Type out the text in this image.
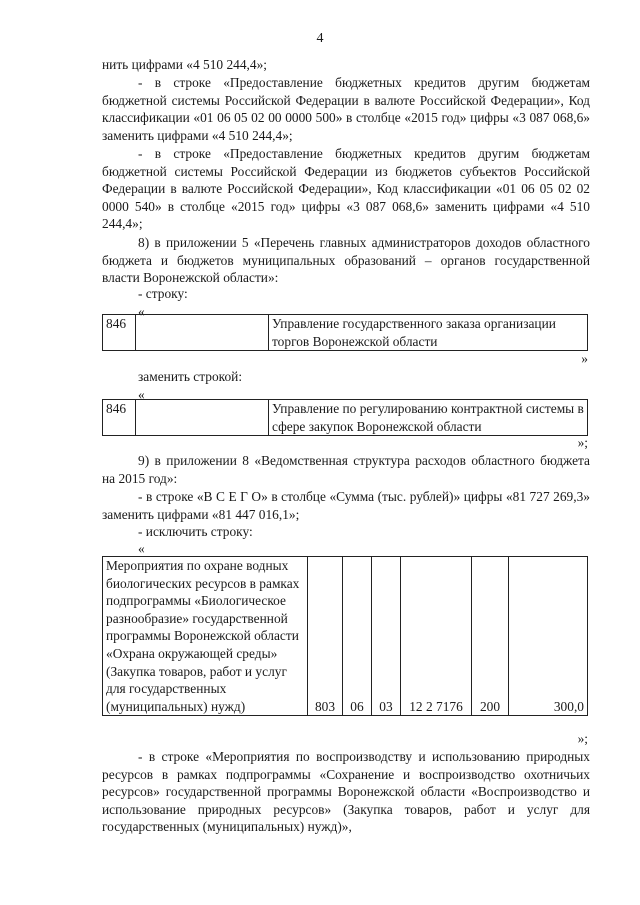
4

нить цифрами «4 510 244,4»;

- в строке «Предоставление бюджетных кредитов другим бюджетам бюджетной системы Российской Федерации в валюте Российской Федерации», Код классификации «01 06 05 02 00 0000 500» в столбце «2015 год» цифры «3 087 068,6» заменить цифрами «4 510 244,4»;

- в строке «Предоставление бюджетных кредитов другим бюджетам бюджетной системы Российской Федерации из бюджетов субъектов Российской Федерации в валюте Российской Федерации», Код классификации «01 06 05 02 02 0000 540» в столбце «2015 год» цифры «3 087 068,6» заменить цифрами «4 510 244,4»;

8) в приложении 5 «Перечень главных администраторов доходов областного бюджета и бюджетов муниципальных образований – органов государственной власти Воронежской области»:

- строку:

«
846		Управление государственного заказа организации торгов Воронежской области
»

заменить строкой:

«
846		Управление по регулированию контрактной системы в сфере закупок Воронежской области
»;

9) в приложении 8 «Ведомственная структура расходов областного бюджета на 2015 год»:

- в строке «В С Е Г О» в столбце «Сумма (тыс. рублей)» цифры «81 727 269,3» заменить цифрами «81 447 016,1»;

- исключить строку:

«
Мероприятия по охране водных биологических ресурсов в рамках подпрограммы «Биологическое разнообразие» государственной программы Воронежской области «Охрана окружающей среды» (Закупка товаров, работ и услуг для государственных (муниципальных) нужд)	803	06	03	12 2 7176	200	300,0
»;

- в строке «Мероприятия по воспроизводству и использованию природных ресурсов в рамках подпрограммы «Сохранение и воспроизводство охотничьих ресурсов» государственной программы Воронежской области «Воспроизводство и использование природных ресурсов» (Закупка товаров, работ и услуг для государственных (муниципальных) нужд)»,
